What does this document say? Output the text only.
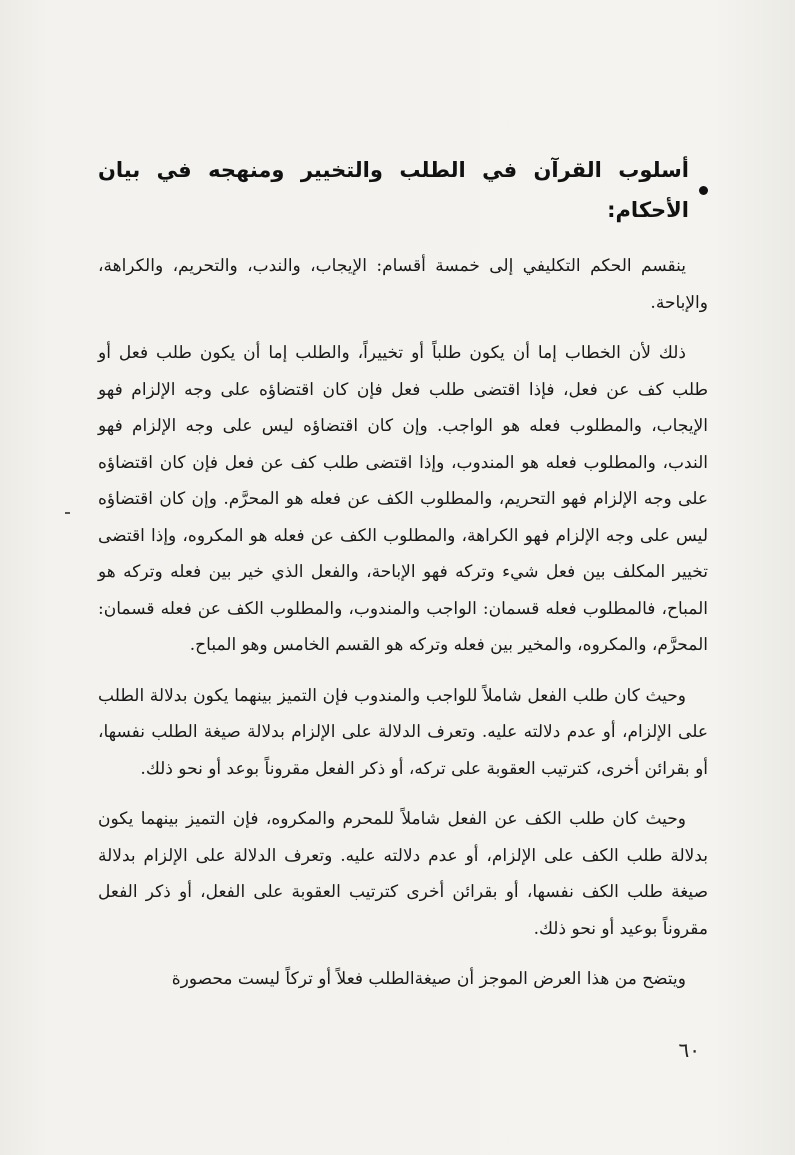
أسلوب القرآن في الطلب والتخيير ومنهجه في بيان الأحكام:

ينقسم الحكم التكليفي إلى خمسة أقسام: الإيجاب، والندب، والتحريم، والكراهة، والإباحة.

ذلك لأن الخطاب إما أن يكون طلباً أو تخييراً، والطلب إما أن يكون طلب فعل أو طلب كف عن فعل، فإذا اقتضى طلب فعل فإن كان اقتضاؤه على وجه الإلزام فهو الإيجاب، والمطلوب فعله هو الواجب. وإن كان اقتضاؤه ليس على وجه الإلزام فهو الندب، والمطلوب فعله هو المندوب، وإذا اقتضى طلب كف عن فعل فإن كان اقتضاؤه على وجه الإلزام فهو التحريم، والمطلوب الكف عن فعله هو المحرَّم. وإن كان اقتضاؤه ليس على وجه الإلزام فهو الكراهة، والمطلوب الكف عن فعله هو المكروه، وإذا اقتضى تخيير المكلف بين فعل شيء وتركه فهو الإباحة، والفعل الذي خير بين فعله وتركه هو المباح، فالمطلوب فعله قسمان: الواجب والمندوب، والمطلوب الكف عن فعله قسمان: المحرَّم، والمكروه، والمخير بين فعله وتركه هو القسم الخامس وهو المباح.

وحيث كان طلب الفعل شاملاً للواجب والمندوب فإن التميز بينهما يكون بدلالة الطلب على الإلزام، أو عدم دلالته عليه. وتعرف الدلالة على الإلزام بدلالة صيغة الطلب نفسها، أو بقرائن أخرى، كترتيب العقوبة على تركه، أو ذكر الفعل مقروناً بوعد أو نحو ذلك.

وحيث كان طلب الكف عن الفعل شاملاً للمحرم والمكروه، فإن التميز بينهما يكون بدلالة طلب الكف على الإلزام، أو عدم دلالته عليه. وتعرف الدلالة على الإلزام بدلالة صيغة طلب الكف نفسها، أو بقرائن أخرى كترتيب العقوبة على الفعل، أو ذكر الفعل مقروناً بوعيد أو نحو ذلك.

ويتضح من هذا العرض الموجز أن صيغةالطلب فعلاً أو تركاً ليست محصورة

٦٠
